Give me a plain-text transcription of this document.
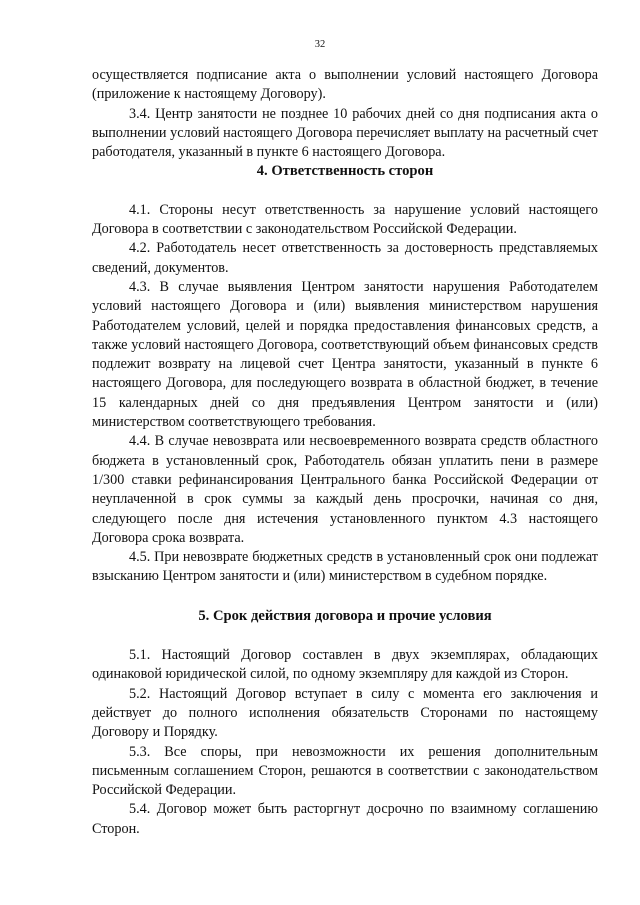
32

осуществляется подписание акта о выполнении условий настоящего Договора (приложение к настоящему Договору).

3.4. Центр занятости не позднее 10 рабочих дней со дня подписания акта о выполнении условий настоящего Договора перечисляет выплату на расчетный счет работодателя, указанный в пункте 6 настоящего Договора.

4. Ответственность сторон

4.1. Стороны несут ответственность за нарушение условий настоящего Договора в соответствии с законодательством Российской Федерации.

4.2. Работодатель несет ответственность за достоверность представляемых сведений, документов.

4.3. В случае выявления Центром занятости нарушения Работодателем условий настоящего Договора и (или) выявления министерством нарушения Работодателем условий, целей и порядка предоставления финансовых средств, а также условий настоящего Договора, соответствующий объем финансовых средств подлежит возврату на лицевой счет Центра занятости, указанный в пункте 6 настоящего Договора, для последующего возврата в областной бюджет, в течение 15 календарных дней со дня предъявления Центром занятости и (или) министерством соответствующего требования.

4.4. В случае невозврата или несвоевременного возврата средств областного бюджета в установленный срок, Работодатель обязан уплатить пени в размере 1/300 ставки рефинансирования Центрального банка Российской Федерации от неуплаченной в срок суммы за каждый день просрочки, начиная со дня, следующего после дня истечения установленного пунктом 4.3 настоящего Договора срока возврата.

4.5. При невозврате бюджетных средств в установленный срок они подлежат взысканию Центром занятости и (или) министерством в судебном порядке.

5. Срок действия договора и прочие условия

5.1. Настоящий Договор составлен в двух экземплярах, обладающих одинаковой юридической силой, по одному экземпляру для каждой из Сторон.

5.2. Настоящий Договор вступает в силу с момента его заключения и действует до полного исполнения обязательств Сторонами по настоящему Договору и Порядку.

5.3. Все споры, при невозможности их решения дополнительным письменным соглашением Сторон, решаются в соответствии с законодательством Российской Федерации.

5.4. Договор может быть расторгнут досрочно по взаимному соглашению Сторон.
